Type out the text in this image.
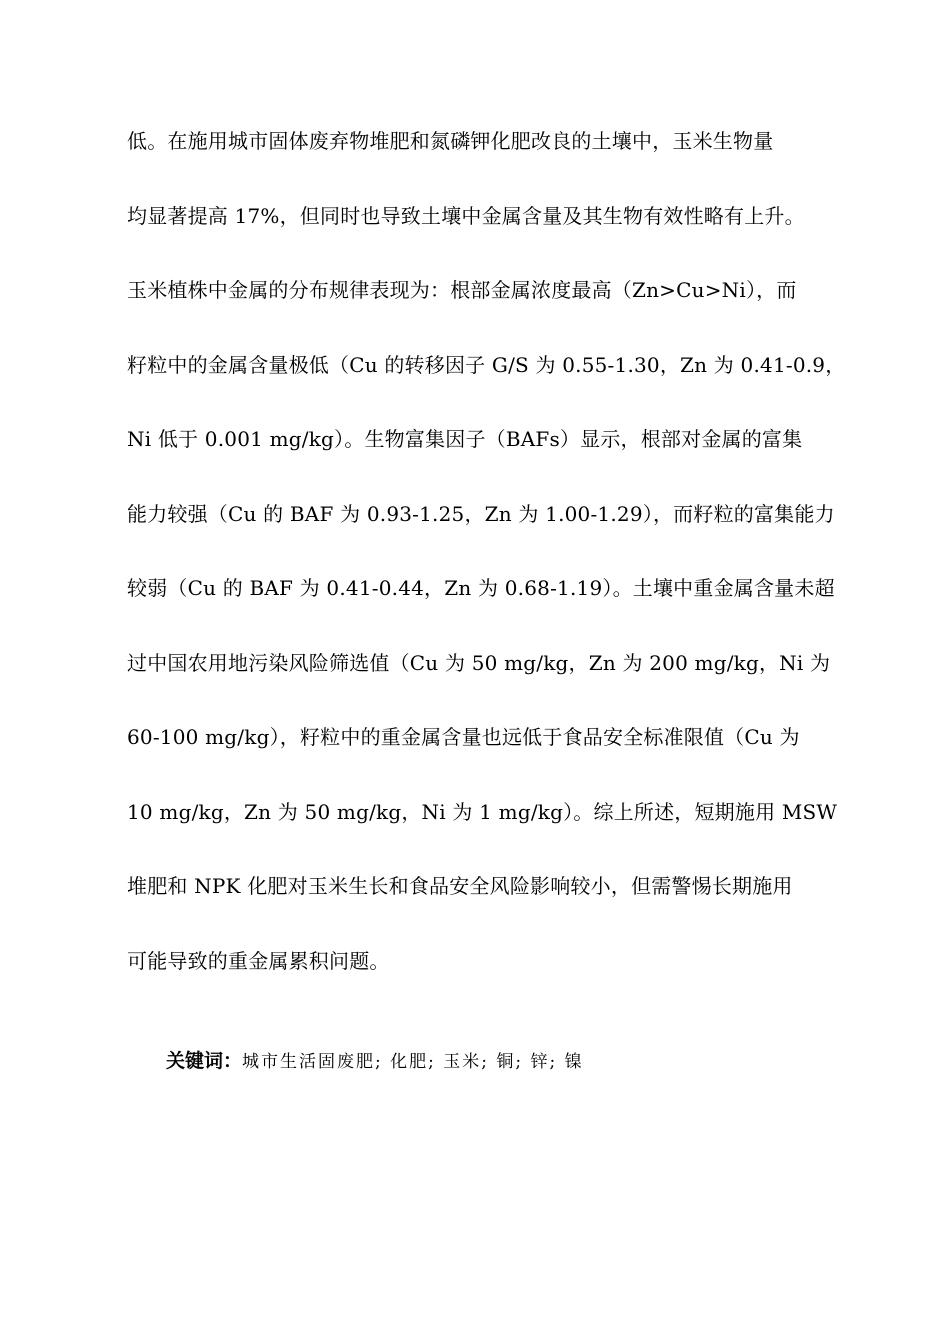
低。在施用城市固体废弃物堆肥和氮磷钾化肥改良的土壤中，玉米生物量
均显著提高 17%，但同时也导致土壤中金属含量及其生物有效性略有上升。
玉米植株中金属的分布规律表现为：根部金属浓度最高（Zn>Cu>Ni），而
籽粒中的金属含量极低（Cu 的转移因子 G/S 为 0.55-1.30，Zn 为 0.41-0.9，
Ni 低于 0.001 mg/kg）。生物富集因子（BAFs）显示，根部对金属的富集
能力较强（Cu 的 BAF 为 0.93-1.25，Zn 为 1.00-1.29），而籽粒的富集能力
较弱（Cu 的 BAF 为 0.41-0.44，Zn 为 0.68-1.19）。土壤中重金属含量未超
过中国农用地污染风险筛选值（Cu 为 50 mg/kg，Zn 为 200 mg/kg，Ni 为
60-100 mg/kg），籽粒中的重金属含量也远低于食品安全标准限值（Cu 为
10 mg/kg，Zn 为 50 mg/kg，Ni 为 1 mg/kg）。综上所述，短期施用 MSW
堆肥和 NPK 化肥对玉米生长和食品安全风险影响较小，但需警惕长期施用
可能导致的重金属累积问题。
关键词：城市生活固废肥; 化肥; 玉米; 铜; 锌; 镍
